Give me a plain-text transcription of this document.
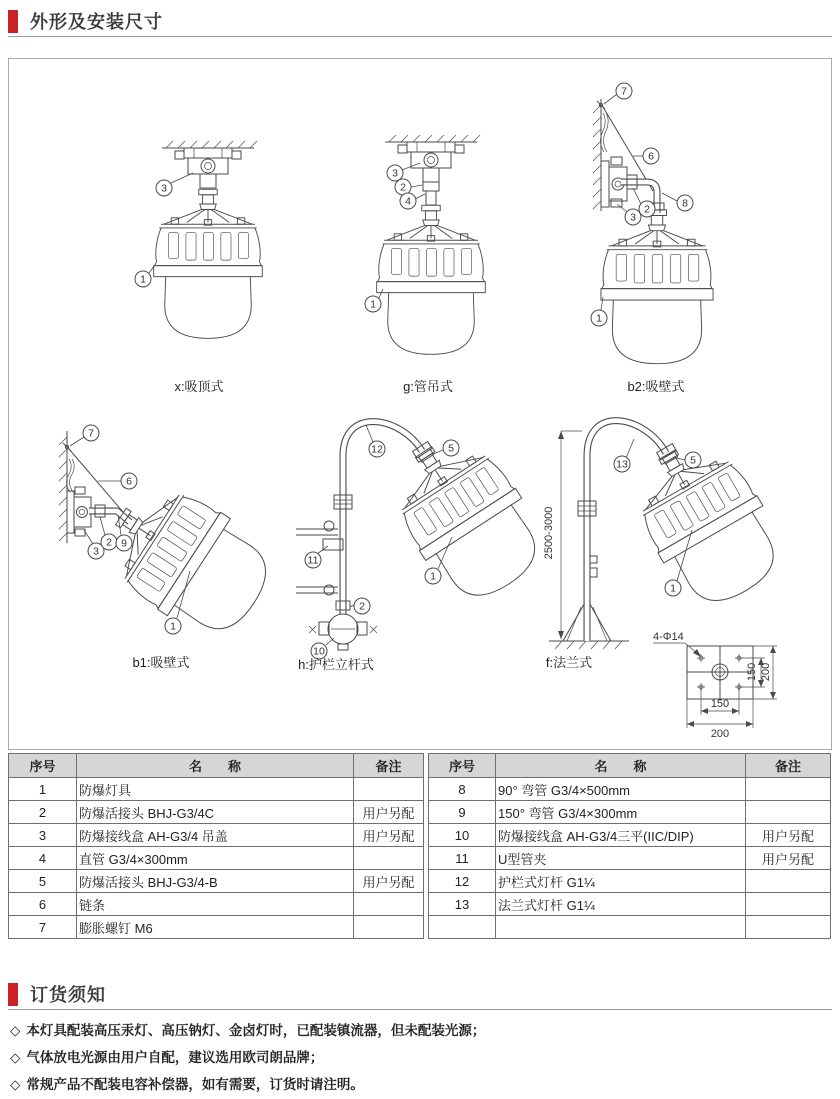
外形及安装尺寸
3
1
x:吸顶式
3
2
4
1
g:管吊式
7
6
8
2
3
1
b2:吸壁式
7
6
3
2 9
1
b1:吸壁式
12	5
11
2
10
1
h:护栏立杆式
13	5
1
2500-3000
f:法兰式
150 200
150
200
4-Φ14
序号	名　　称	备注
1	防爆灯具	
2	防爆活接头 BHJ-G3/4C	用户另配
3	防爆接线盒 AH-G3/4 吊盖	用户另配
4	直管 G3/4×300mm	
5	防爆活接头 BHJ-G3/4-B	用户另配
6	链条	
7	膨胀螺钉 M6	
序号	名　　称	备注
8	90° 弯管 G3/4×500mm	
9	150° 弯管 G3/4×300mm	
10	防爆接线盒 AH-G3/4三平(IIC/DIP)	用户另配
11	U型管夹	用户另配
12	护栏式灯杆 G1¼	
13	法兰式灯杆 G1¼	

订货须知
◇ 本灯具配装高压汞灯、高压钠灯、金卤灯时，已配装镇流器，但未配装光源；
◇ 气体放电光源由用户自配，建议选用欧司朗品牌；
◇ 常规产品不配装电容补偿器，如有需要，订货时请注明。
